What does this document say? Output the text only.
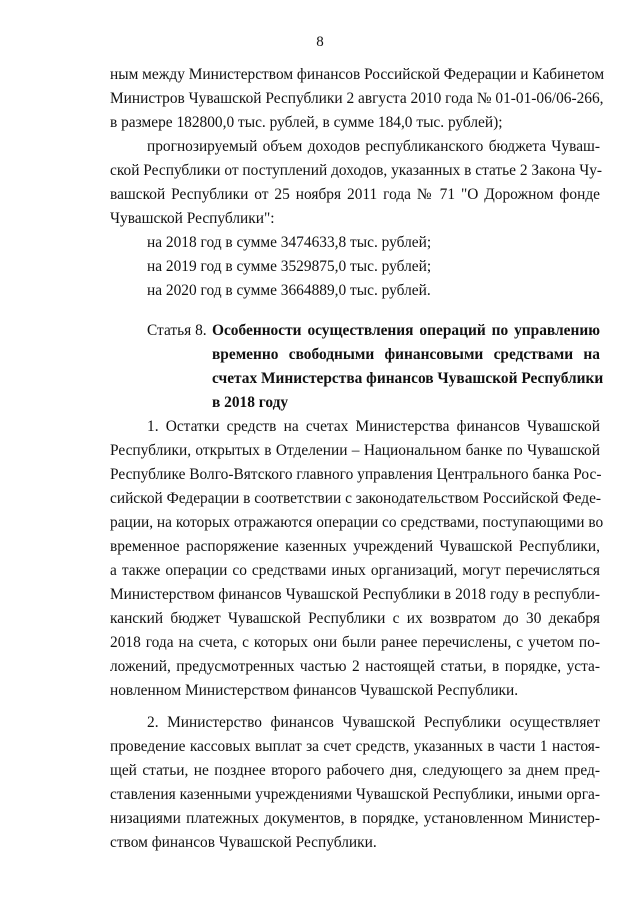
8
ным между Министерством финансов Российской Федерации и Кабинетом
Министров Чувашской Республики 2 августа 2010 года № 01-01-06/06-266,
в размере 182800,0 тыс. рублей, в сумме 184,0 тыс. рублей);
прогнозируемый объем доходов республиканского бюджета Чуваш-
ской Республики от поступлений доходов, указанных в статье 2 Закона Чу-
вашской Республики от 25 ноября 2011 года № 71 "О Дорожном фонде
Чувашской Республики":
на 2018 год в сумме 3474633,8 тыс. рублей;
на 2019 год в сумме 3529875,0 тыс. рублей;
на 2020 год в сумме 3664889,0 тыс. рублей.
Статья 8. Особенности осуществления операций по управлению
временно свободными финансовыми средствами на
счетах Министерства финансов Чувашской Республики
в 2018 году
1. Остатки средств на счетах Министерства финансов Чувашской
Республики, открытых в Отделении – Национальном банке по Чувашской
Республике Волго-Вятского главного управления Центрального банка Рос-
сийской Федерации в соответствии с законодательством Российской Феде-
рации, на которых отражаются операции со средствами, поступающими во
временное распоряжение казенных учреждений Чувашской Республики,
а также операции со средствами иных организаций, могут перечисляться
Министерством финансов Чувашской Республики в 2018 году в республи-
канский бюджет Чувашской Республики с их возвратом до 30 декабря
2018 года на счета, с которых они были ранее перечислены, с учетом по-
ложений, предусмотренных частью 2 настоящей статьи, в порядке, уста-
новленном Министерством финансов Чувашской Республики.
2. Министерство финансов Чувашской Республики осуществляет
проведение кассовых выплат за счет средств, указанных в части 1 настоя-
щей статьи, не позднее второго рабочего дня, следующего за днем пред-
ставления казенными учреждениями Чувашской Республики, иными орга-
низациями платежных документов, в порядке, установленном Министер-
ством финансов Чувашской Республики.
